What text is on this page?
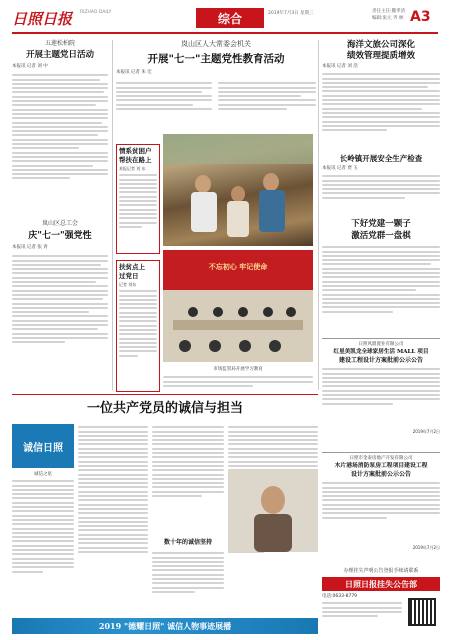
日照日报 RIZHAO DAILY	综合	2019年7月3日 星期三	责任主任:魏孝清
编辑:张元 齐 林 A3
五莲松柏院
开展主题党日活动
本报讯 记者 刘 中
岚山区总工会
庆"七一"强党性
本报讯 记者 张 青
岚山区人大常委会机关
开展"七一"主题党性教育活动
本报讯 记者 朱 宏
情系贫困户
帮扶在路上
本报记者 刘 东
扶贫点上
过党日
记者 刘东
不忘初心 牢记使命
市场监管局开展学习教育
海洋文旅公司深化
绩效管理提质增效
本报讯 记者 刘 浩
长岭镇开展安全生产检查
本报讯 记者 贾 玉
下好党建一颗子
激活党群一盘棋
日照风鼎置业有限公司
红星美凯龙全球家居生活 MALL 项目
建设工程设计方案批前公示公告
2019年7月2日
日照市金泰房地产开发有限公司
木片港场消防泵房工程项目建设工程
设计方案批前公示公告
2019年7月2日
办理挂失声明公告登报手续请联系
日照日报挂失公告部
电话:0633-8779
一位共产党员的诚信与担当
诚信日照
诚信之星
数十年的诚信坚持
2019 "德耀日照" 诚信人物事迹展播
